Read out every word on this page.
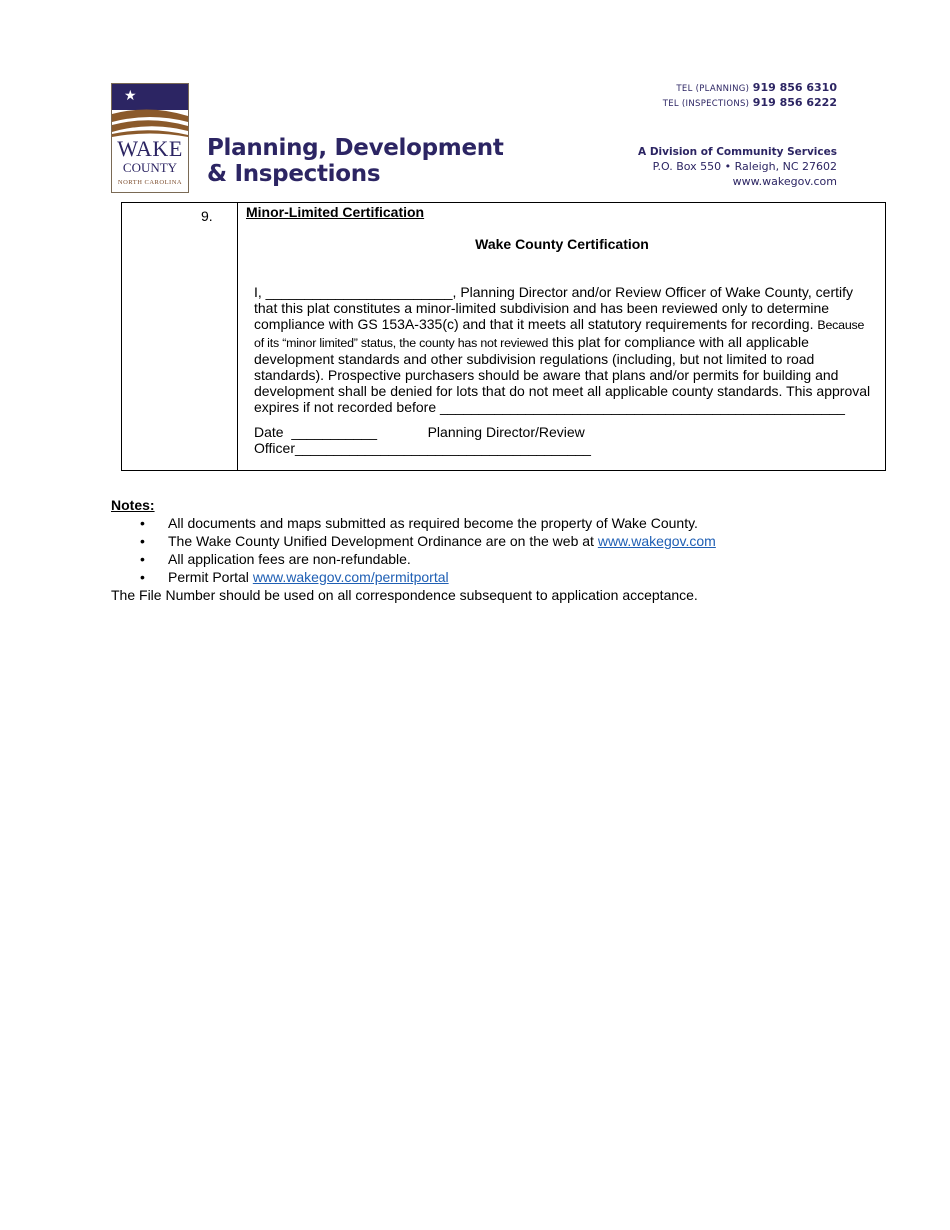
★
WAKE
COUNTY
NORTH CAROLINA
Planning, Development
& Inspections
TEL (PLANNING) 919 856 6310
TEL (INSPECTIONS) 919 856 6222
A Division of Community Services
P.O. Box 550 • Raleigh, NC 27602
www.wakegov.com
9. Minor-Limited Certification
Wake County Certification
I, ________________________, Planning Director and/or Review Officer of Wake County, certify that this plat constitutes a minor-limited subdivision and has been reviewed only to determine compliance with GS 153A-335(c) and that it meets all statutory requirements for recording. Because of its “minor limited” status, the county has not reviewed this plat for compliance with all applicable development standards and other subdivision regulations (including, but not limited to road standards). Prospective purchasers should be aware that plans and/or permits for building and development shall be denied for lots that do not meet all applicable county standards. This approval expires if not recorded before ____________________________________________________
Date ___________	Planning Director/Review
Officer______________________________________
Notes:
• All documents and maps submitted as required become the property of Wake County.
• The Wake County Unified Development Ordinance are on the web at www.wakegov.com
• All application fees are non-refundable.
• Permit Portal www.wakegov.com/permitportal
The File Number should be used on all correspondence subsequent to application acceptance.
